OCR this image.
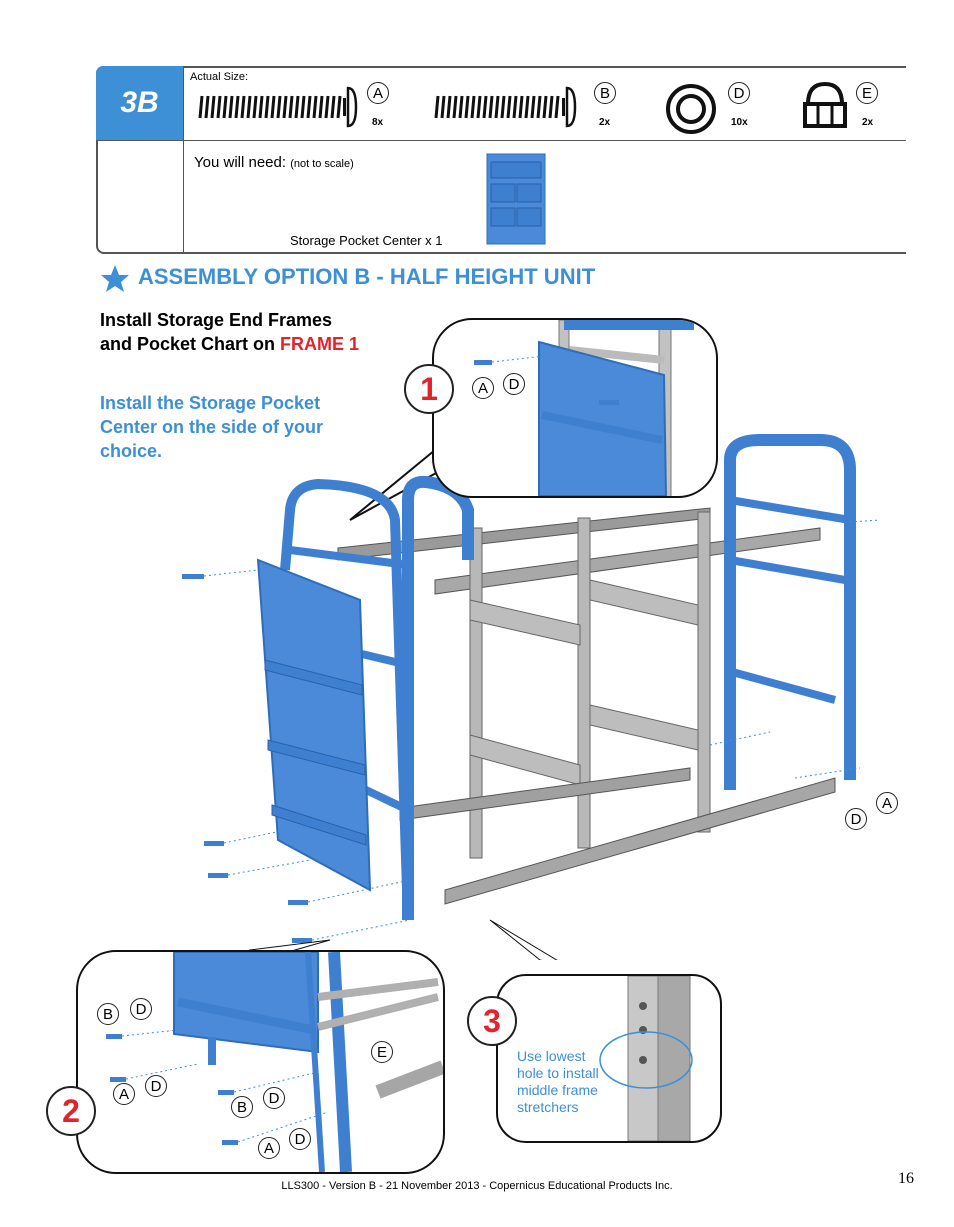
3B
Actual Size:
A
8x
B
2x
D
10x
E
2x
You will need: (not to scale)
Storage Pocket Center x 1
ASSEMBLY OPTION B - HALF HEIGHT UNIT
Install Storage End Frames
and Pocket Chart on FRAME 1
Install the Storage Pocket
Center on the side of your
choice.
A	D
1
A
D
B	D
E
A	D
B
D
A
D
2
Use lowest
hole to install
middle frame
stretchers
3
LLS300 - Version B - 21 November 2013 - Copernicus Educational Products Inc.	16
